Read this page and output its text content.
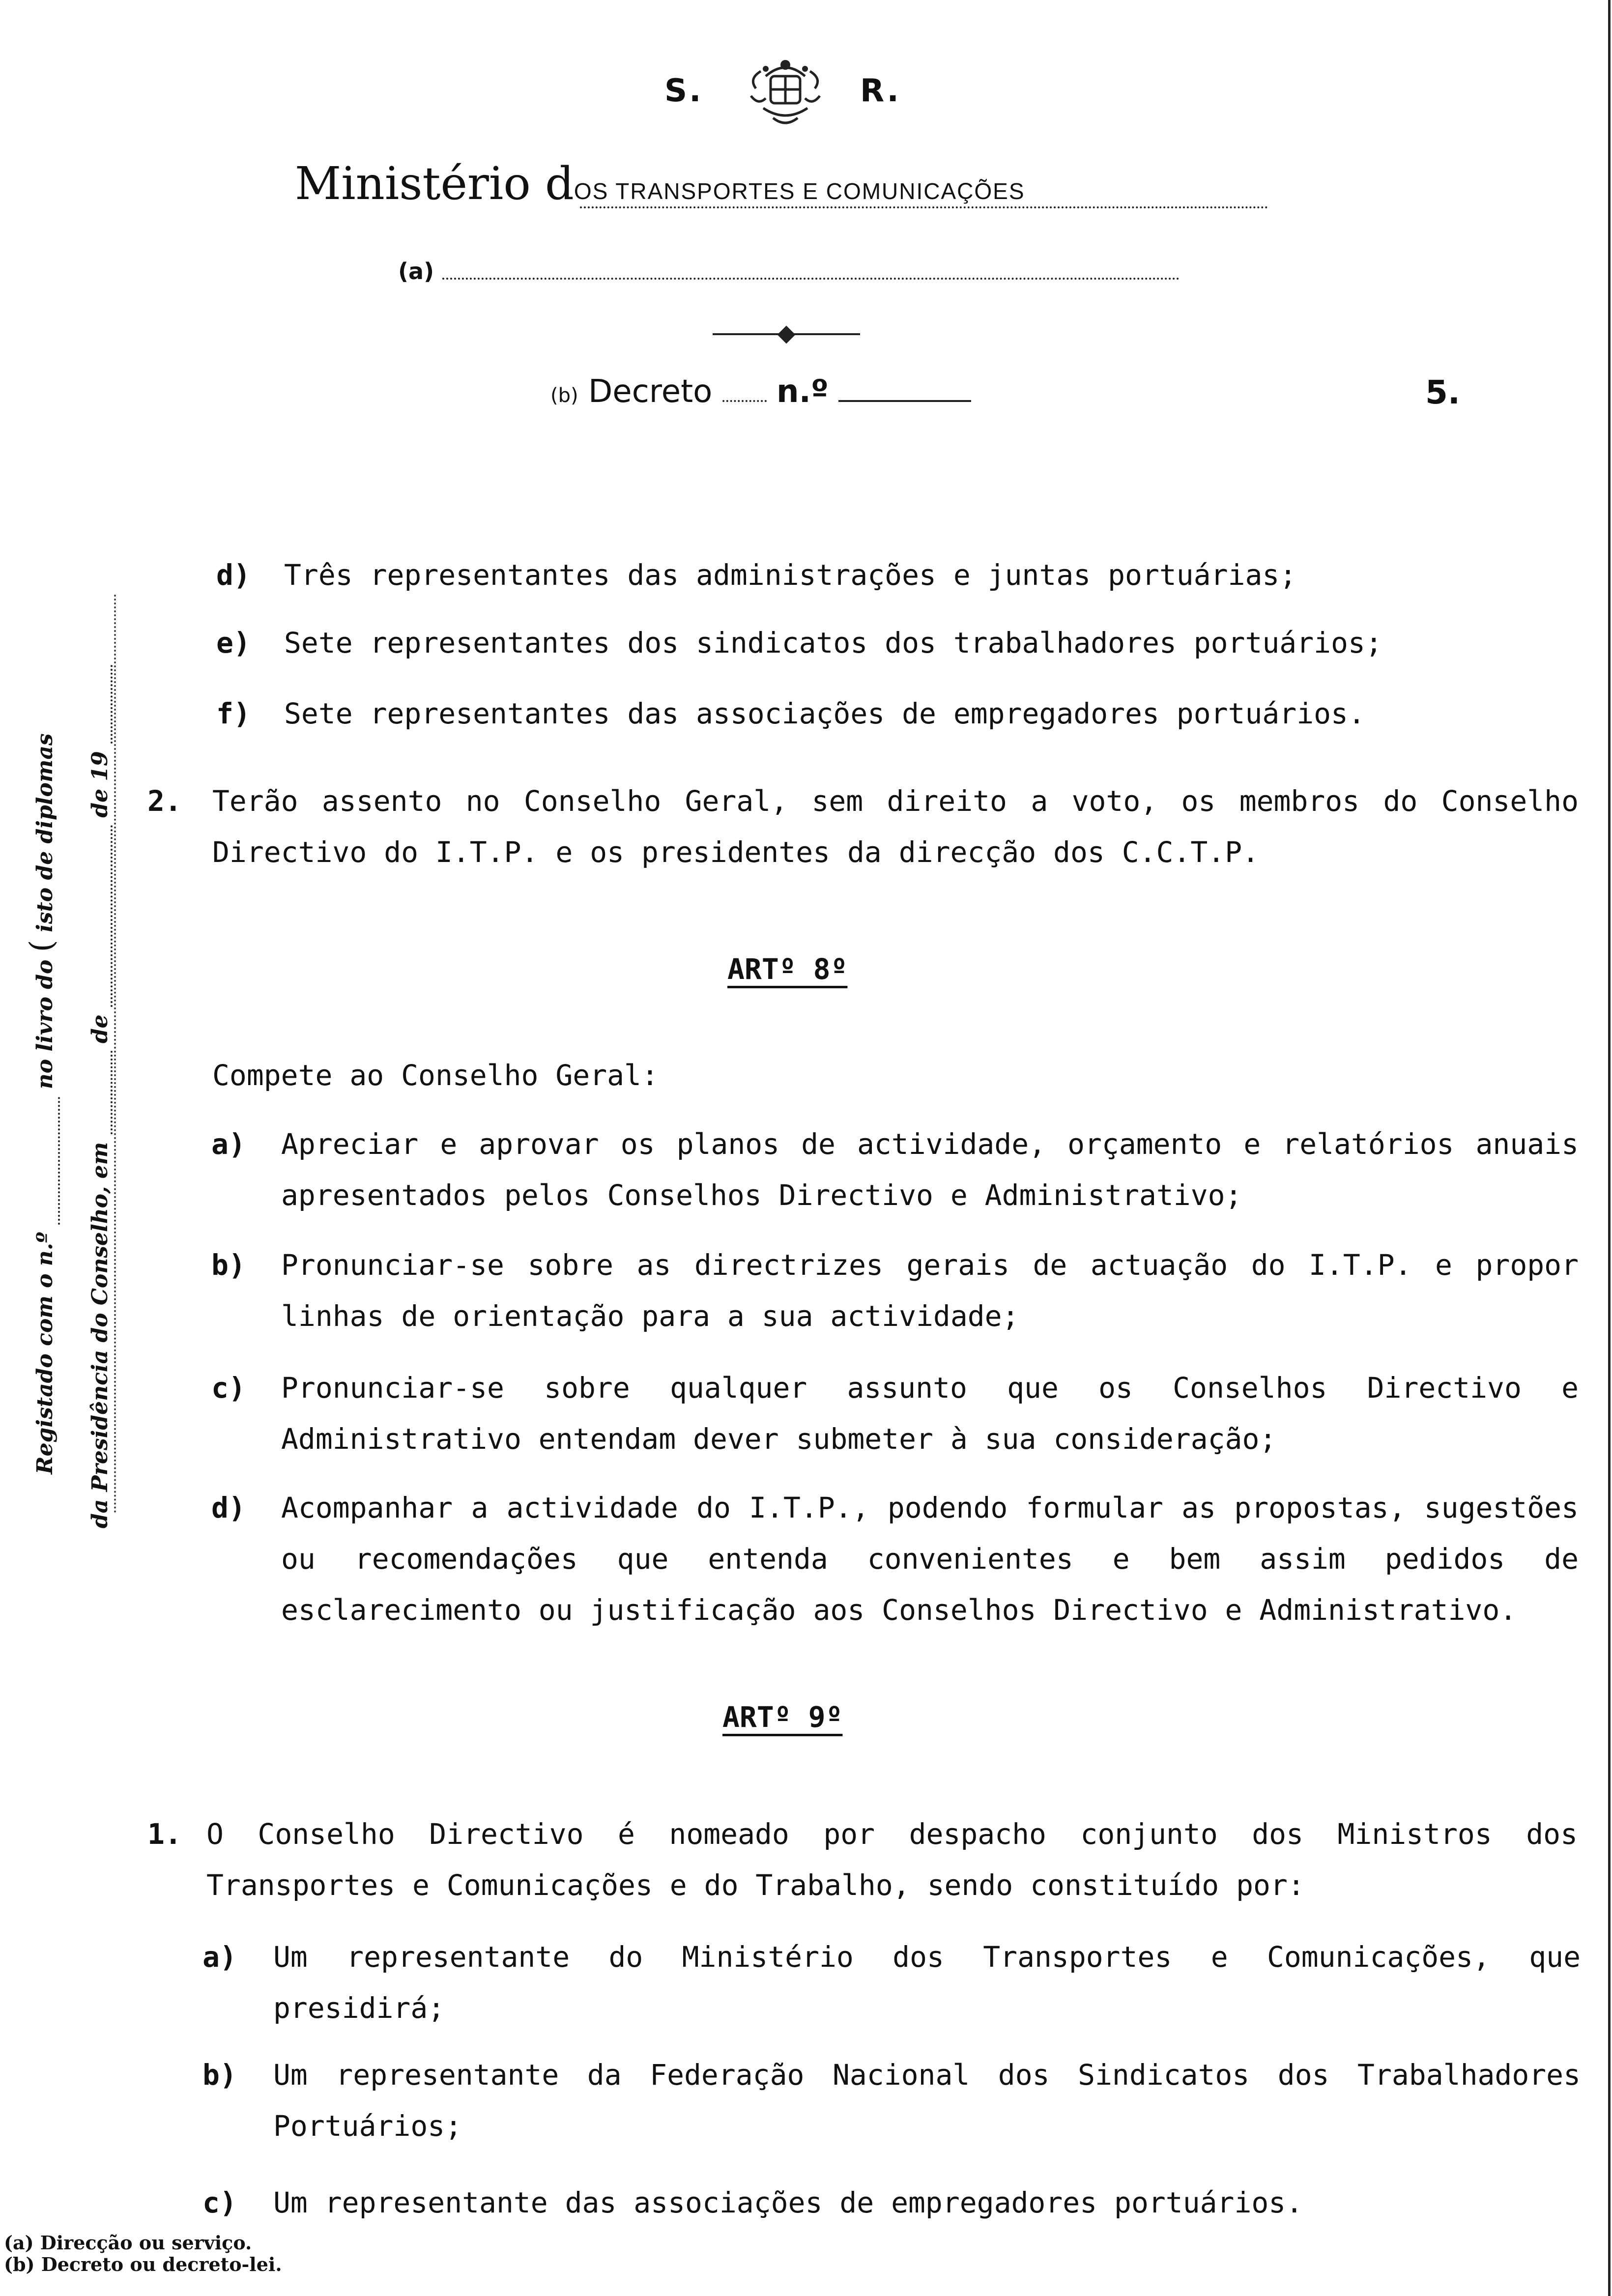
S.	R.
Ministério dOS TRANSPORTES E COMUNICAÇÕES
(a)
(b) Decreto n.º	5.
Registado com o n.º  no livro do ( isto de diplomas
da Presidência do Conselho, em  de  de 19
d) Três representantes das administrações e juntas portuárias;
e) Sete representantes dos sindicatos dos trabalhadores portuários;
f) Sete representantes das associações de empregadores portuários.
2. Terão assento no Conselho Geral, sem direito a voto, os membros do Conselho Directivo do I.T.P. e os presidentes da direcção dos C.C.T.P.
ARTº 8º
Compete ao Conselho Geral:
a) Apreciar e aprovar os planos de actividade, orçamento e relatórios anuais apresentados pelos Conselhos Directivo e Administrativo;
b) Pronunciar-se sobre as directrizes gerais de actuação do I.T.P. e propor linhas de orientação para a sua actividade;
c) Pronunciar-se sobre qualquer assunto que os Conselhos Directivo e Administrativo entendam dever submeter à sua consideração;
d) Acompanhar a actividade do I.T.P., podendo formular as propostas, sugestões ou recomendações que entenda convenientes e bem assim pedidos de esclarecimento ou justificação aos Conselhos Directivo e Administrativo.
ARTº 9º
1. O Conselho Directivo é nomeado por despacho conjunto dos Ministros dos Transportes e Comunicações e do Trabalho, sendo constituído por:
a) Um representante do Ministério dos Transportes e Comunicações, que presidirá;
b) Um representante da Federação Nacional dos Sindicatos dos Trabalhadores Portuários;
c) Um representante das associações de empregadores portuários.
(a) Direcção ou serviço.
(b) Decreto ou decreto-lei.
